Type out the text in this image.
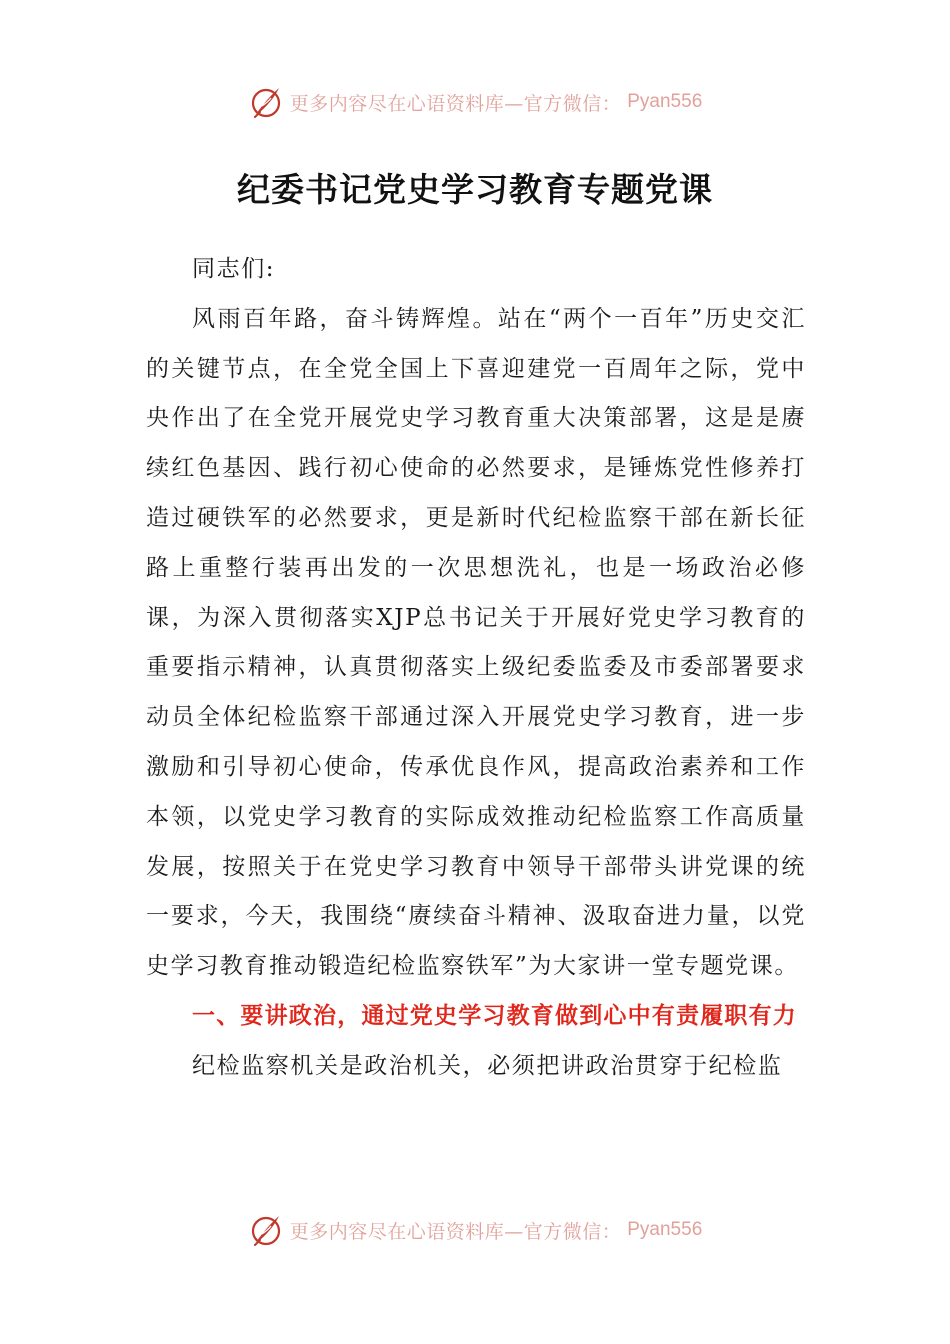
更多内容尽在心语资料库—官方微信： Pyan556
纪委书记党史学习教育专题党课

同志们:

风雨百年路，奋斗铸辉煌。站在“两个一百年”历史交汇的关键节点，在全党全国上下喜迎建党一百周年之际，党中央作出了在全党开展党史学习教育重大决策部署，这是是赓续红色基因、践行初心使命的必然要求，是锤炼党性修养打造过硬铁军的必然要求，更是新时代纪检监察干部在新长征路上重整行装再出发的一次思想洗礼，也是一场政治必修课，为深入贯彻落实XJP总书记关于开展好党史学习教育的重要指示精神，认真贯彻落实上级纪委监委及市委部署要求动员全体纪检监察干部通过深入开展党史学习教育，进一步激励和引导初心使命，传承优良作风，提高政治素养和工作本领，以党史学习教育的实际成效推动纪检监察工作高质量发展，按照关于在党史学习教育中领导干部带头讲党课的统一要求，今天，我围绕“赓续奋斗精神、汲取奋进力量，以党史学习教育推动锻造纪检监察铁军”为大家讲一堂专题党课。

一、要讲政治，通过党史学习教育做到心中有责履职有力

纪检监察机关是政治机关，必须把讲政治贯穿于纪检监

更多内容尽在心语资料库—官方微信： Pyan556
